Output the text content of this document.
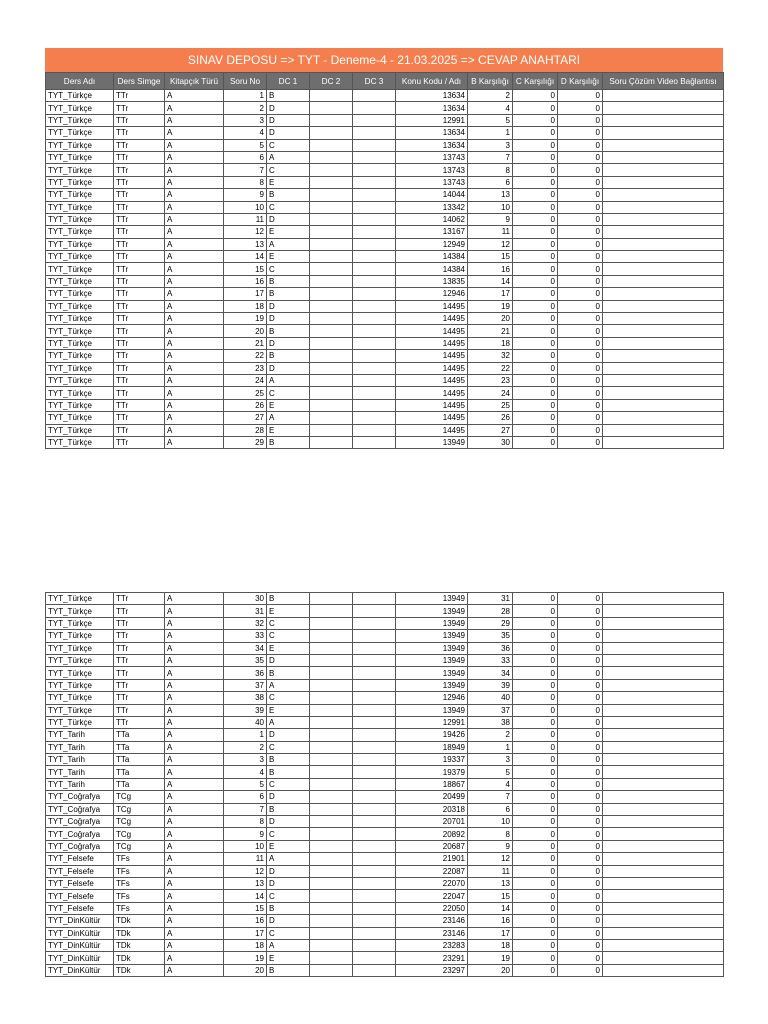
SINAV DEPOSU => TYT - Deneme-4 - 21.03.2025 => CEVAP ANAHTARI
Ders Adı	Ders Simge	Kitapçık Türü	Soru No	DC 1	DC 2	DC 3	Konu Kodu / Adı	B Karşılığı	C Karşılığı	D Karşılığı	Soru Çözüm Video Bağlantısı
TYT_Türkçe	TTr	A	1	B			13634	2	0	0	
TYT_Türkçe	TTr	A	2	D			13634	4	0	0	
TYT_Türkçe	TTr	A	3	D			12991	5	0	0	
TYT_Türkçe	TTr	A	4	D			13634	1	0	0	
TYT_Türkçe	TTr	A	5	C			13634	3	0	0	
TYT_Türkçe	TTr	A	6	A			13743	7	0	0	
TYT_Türkçe	TTr	A	7	C			13743	8	0	0	
TYT_Türkçe	TTr	A	8	E			13743	6	0	0	
TYT_Türkçe	TTr	A	9	B			14044	13	0	0	
TYT_Türkçe	TTr	A	10	C			13342	10	0	0	
TYT_Türkçe	TTr	A	11	D			14062	9	0	0	
TYT_Türkçe	TTr	A	12	E			13167	11	0	0	
TYT_Türkçe	TTr	A	13	A			12949	12	0	0	
TYT_Türkçe	TTr	A	14	E			14384	15	0	0	
TYT_Türkçe	TTr	A	15	C			14384	16	0	0	
TYT_Türkçe	TTr	A	16	B			13835	14	0	0	
TYT_Türkçe	TTr	A	17	B			12946	17	0	0	
TYT_Türkçe	TTr	A	18	D			14495	19	0	0	
TYT_Türkçe	TTr	A	19	D			14495	20	0	0	
TYT_Türkçe	TTr	A	20	B			14495	21	0	0	
TYT_Türkçe	TTr	A	21	D			14495	18	0	0	
TYT_Türkçe	TTr	A	22	B			14495	32	0	0	
TYT_Türkçe	TTr	A	23	D			14495	22	0	0	
TYT_Türkçe	TTr	A	24	A			14495	23	0	0	
TYT_Türkçe	TTr	A	25	C			14495	24	0	0	
TYT_Türkçe	TTr	A	26	E			14495	25	0	0	
TYT_Türkçe	TTr	A	27	A			14495	26	0	0	
TYT_Türkçe	TTr	A	28	E			14495	27	0	0	
TYT_Türkçe	TTr	A	29	B			13949	30	0	0	
TYT_Türkçe	TTr	A	30	B			13949	31	0	0	
TYT_Türkçe	TTr	A	31	E			13949	28	0	0	
TYT_Türkçe	TTr	A	32	C			13949	29	0	0	
TYT_Türkçe	TTr	A	33	C			13949	35	0	0	
TYT_Türkçe	TTr	A	34	E			13949	36	0	0	
TYT_Türkçe	TTr	A	35	D			13949	33	0	0	
TYT_Türkçe	TTr	A	36	B			13949	34	0	0	
TYT_Türkçe	TTr	A	37	A			13949	39	0	0	
TYT_Türkçe	TTr	A	38	C			12946	40	0	0	
TYT_Türkçe	TTr	A	39	E			13949	37	0	0	
TYT_Türkçe	TTr	A	40	A			12991	38	0	0	
TYT_Tarih	TTa	A	1	D			19426	2	0	0	
TYT_Tarih	TTa	A	2	C			18949	1	0	0	
TYT_Tarih	TTa	A	3	B			19337	3	0	0	
TYT_Tarih	TTa	A	4	B			19379	5	0	0	
TYT_Tarih	TTa	A	5	C			18867	4	0	0	
TYT_Coğrafya	TCg	A	6	D			20499	7	0	0	
TYT_Coğrafya	TCg	A	7	B			20318	6	0	0	
TYT_Coğrafya	TCg	A	8	D			20701	10	0	0	
TYT_Coğrafya	TCg	A	9	C			20892	8	0	0	
TYT_Coğrafya	TCg	A	10	E			20687	9	0	0	
TYT_Felsefe	TFs	A	11	A			21901	12	0	0	
TYT_Felsefe	TFs	A	12	D			22087	11	0	0	
TYT_Felsefe	TFs	A	13	D			22070	13	0	0	
TYT_Felsefe	TFs	A	14	C			22047	15	0	0	
TYT_Felsefe	TFs	A	15	B			22050	14	0	0	
TYT_DinKültür	TDk	A	16	D			23146	16	0	0	
TYT_DinKültür	TDk	A	17	C			23146	17	0	0	
TYT_DinKültür	TDk	A	18	A			23283	18	0	0	
TYT_DinKültür	TDk	A	19	E			23291	19	0	0	
TYT_DinKültür	TDk	A	20	B			23297	20	0	0	
